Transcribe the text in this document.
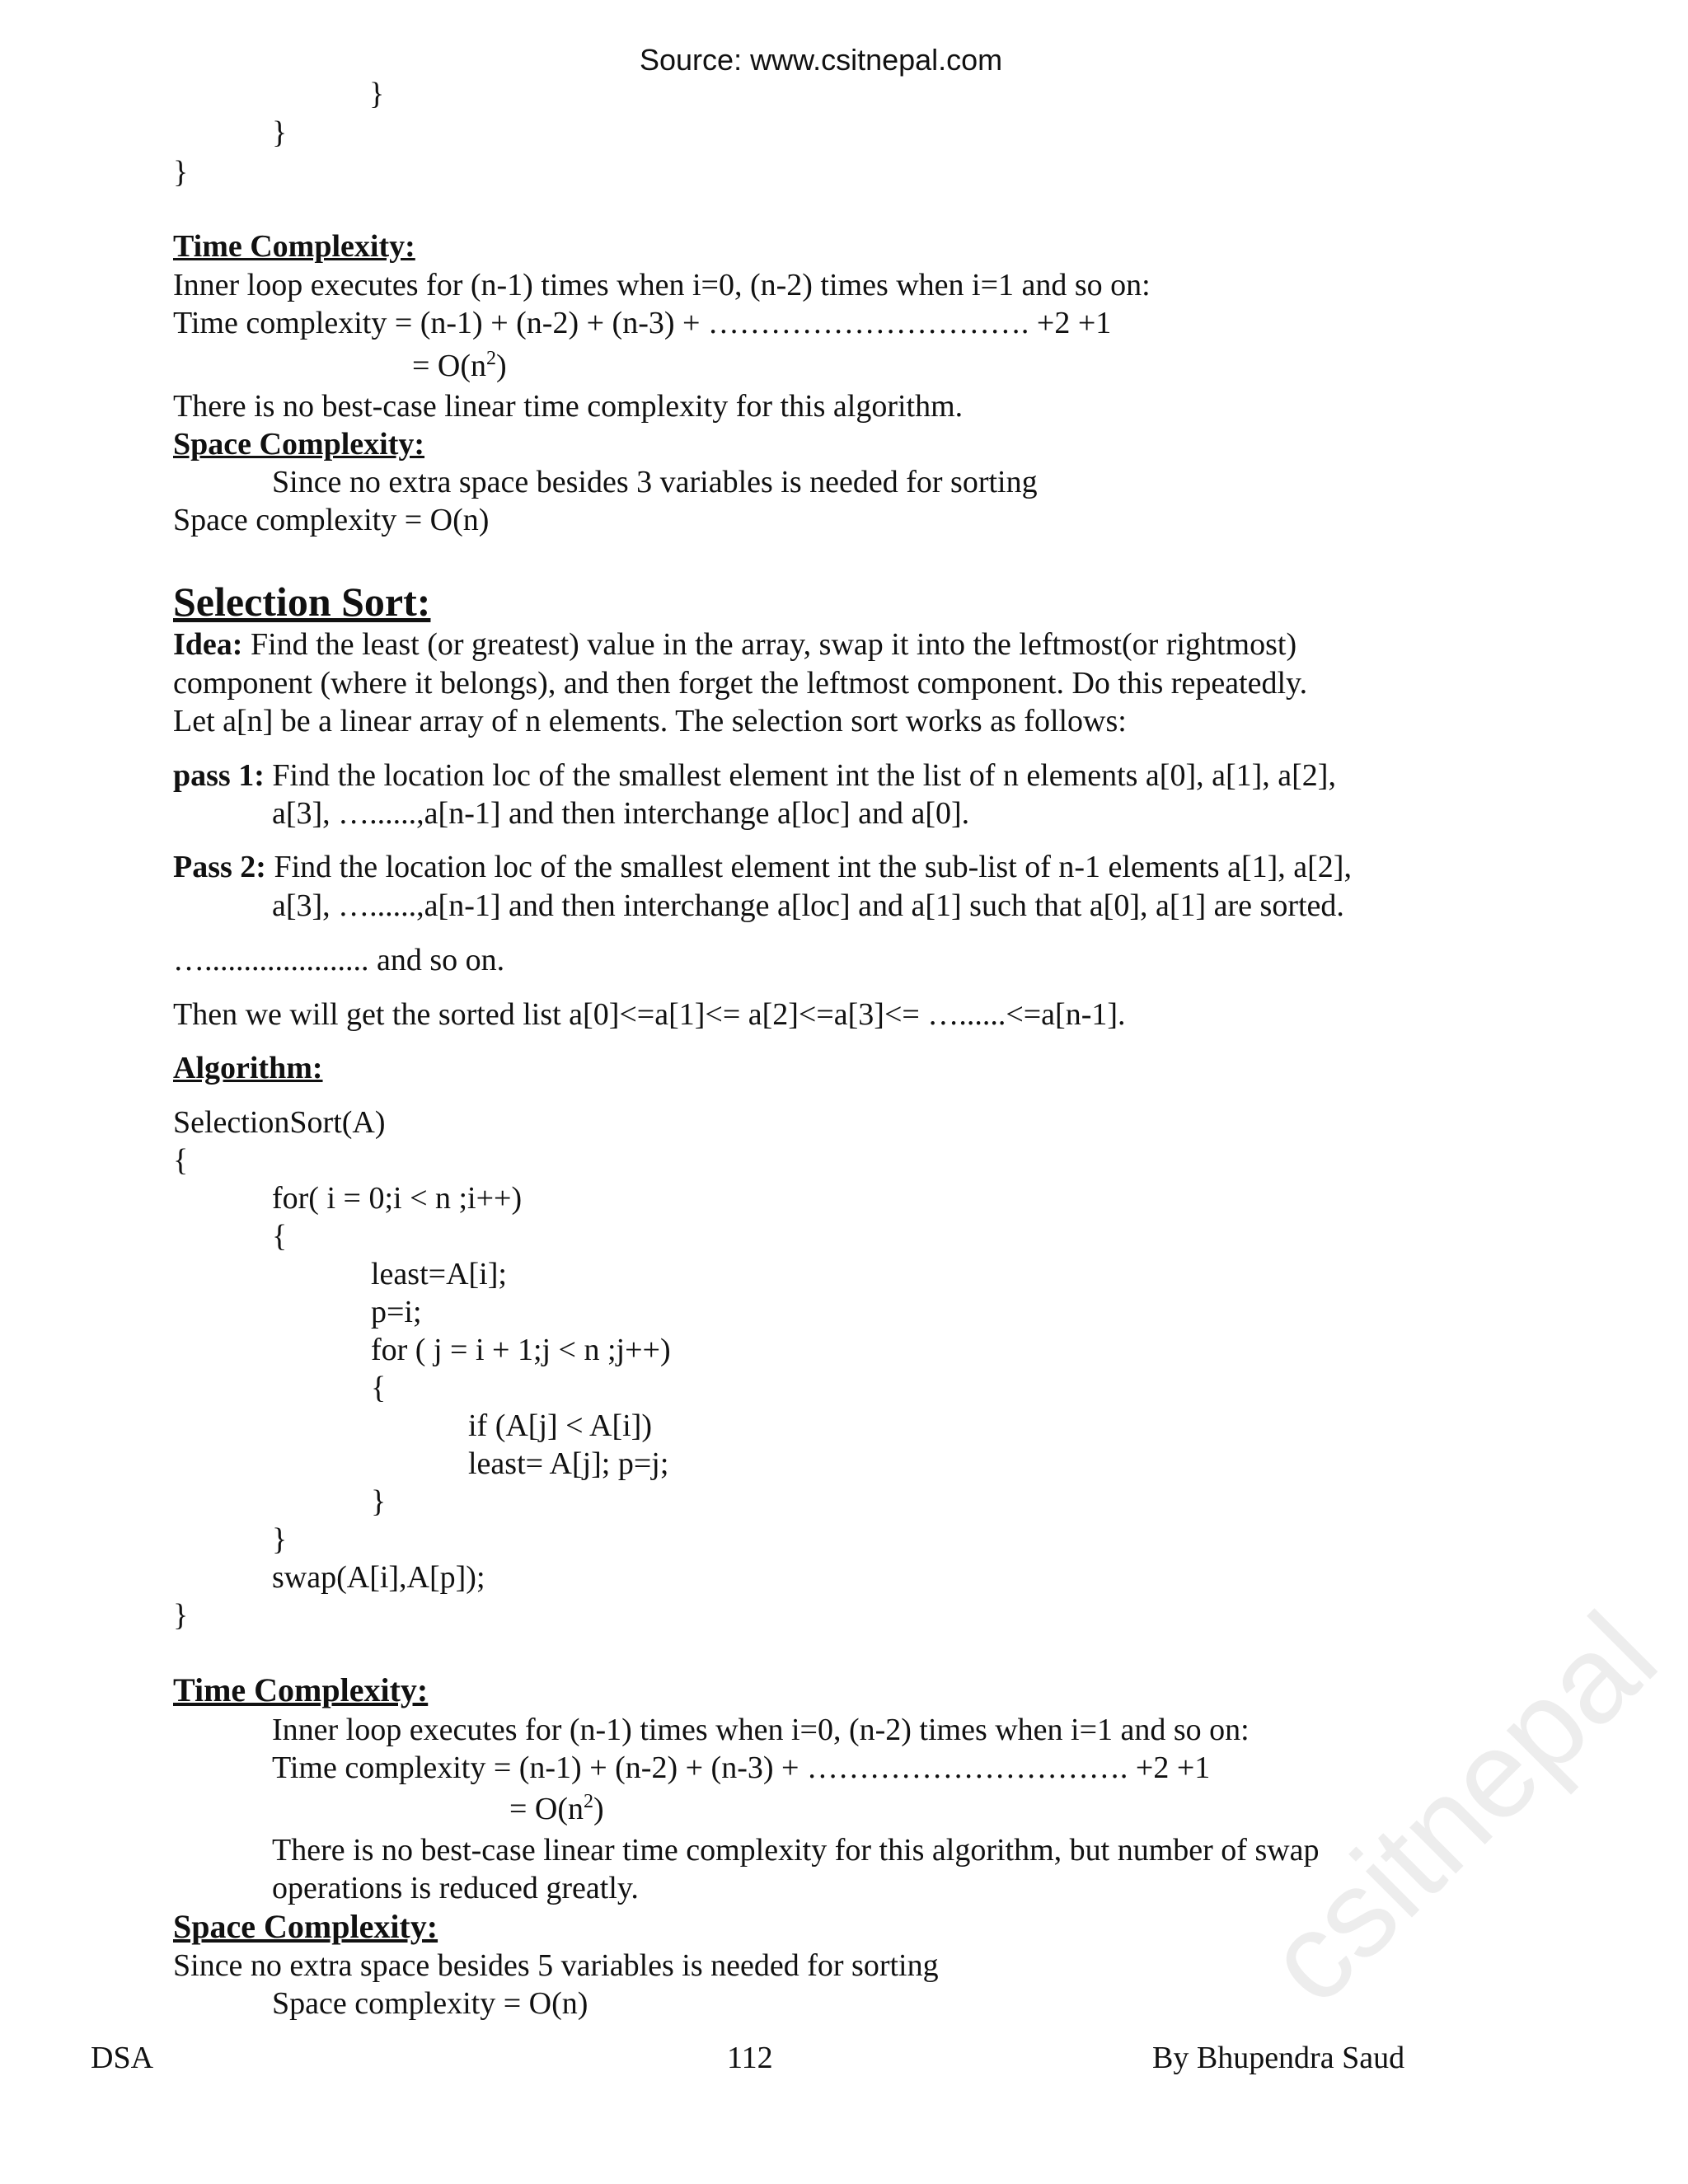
Source: www.csitnepal.com
}
}
}
Time Complexity:
Inner loop executes for (n-1) times when i=0, (n-2) times when i=1 and so on:
Time complexity = (n-1) + (n-2) + (n-3) + …………………………. +2 +1
= $O(n^2)$
There is no best-case linear time complexity for this algorithm.
Space Complexity:
Since no extra space besides 3 variables is needed for sorting
Space complexity = O(n)
Selection Sort:
Idea: Find the least (or greatest) value in the array, swap it into the leftmost(or rightmost)
component (where it belongs), and then forget the leftmost component. Do this repeatedly.
Let a[n] be a linear array of n elements. The selection sort works as follows:
pass 1: Find the location loc of the smallest element int the list of n elements a[0], a[1], a[2],
a[3], …......,a[n-1] and then interchange a[loc] and a[0].
Pass 2: Find the location loc of the smallest element int the sub-list of n-1 elements a[1], a[2],
a[3], …......,a[n-1] and then interchange a[loc] and a[1] such that a[0], a[1] are sorted.
…..................... and so on.
Then we will get the sorted list a[0]<=a[1]<= a[2]<=a[3]<= …......<=a[n-1].
Algorithm:
SelectionSort(A)
{
for( i = 0;i < n ;i++)
{
least=A[i];
p=i;
for ( j = i + 1;j < n ;j++)
{
if (A[j] < A[i])
least= A[j]; p=j;
}
}
swap(A[i],A[p]);
}
Time Complexity:
Inner loop executes for (n-1) times when i=0, (n-2) times when i=1 and so on:
Time complexity = (n-1) + (n-2) + (n-3) + …………………………. +2 +1
= $O(n^2)$
There is no best-case linear time complexity for this algorithm, but number of swap
operations is reduced greatly.
Space Complexity:
Since no extra space besides 5 variables is needed for sorting
Space complexity = O(n)
DSA	112	By Bhupendra Saud
csitnepal
